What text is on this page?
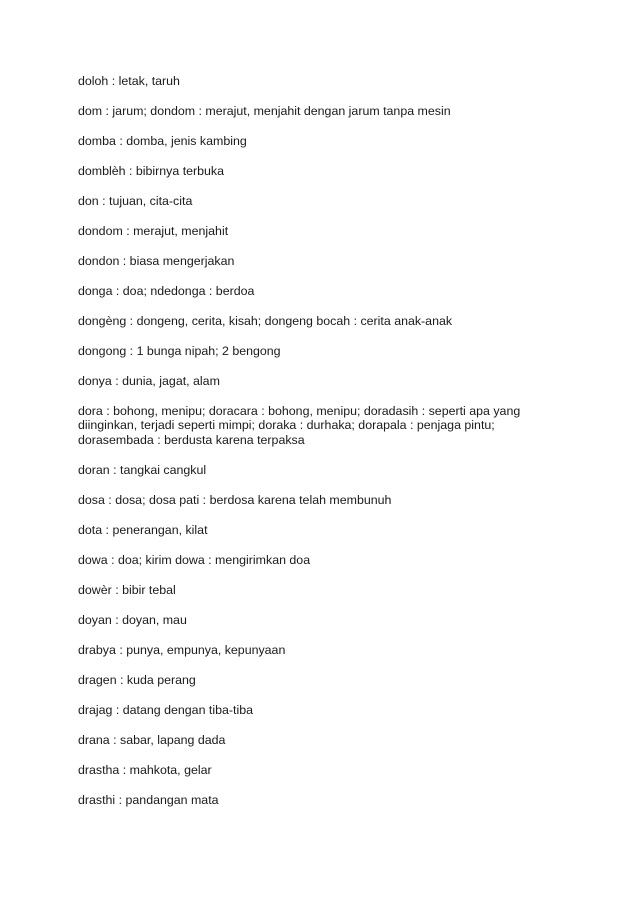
doloh : letak, taruh
dom : jarum; dondom : merajut, menjahit dengan jarum tanpa mesin
domba : domba, jenis kambing
domblèh : bibirnya terbuka
don : tujuan, cita-cita
dondom : merajut, menjahit
dondon : biasa mengerjakan
donga : doa; ndedonga : berdoa
dongèng : dongeng, cerita, kisah; dongeng bocah : cerita anak-anak
dongong : 1 bunga nipah; 2 bengong
donya : dunia, jagat, alam
dora : bohong, menipu; doracara : bohong, menipu; doradasih : seperti apa yang
diinginkan, terjadi seperti mimpi; doraka : durhaka; dorapala : penjaga pintu;
dorasembada : berdusta karena terpaksa
doran : tangkai cangkul
dosa : dosa; dosa pati : berdosa karena telah membunuh
dota : penerangan, kilat
dowa : doa; kirim dowa : mengirimkan doa
dowèr : bibir tebal
doyan : doyan, mau
drabya : punya, empunya, kepunyaan
dragen : kuda perang
drajag : datang dengan tiba-tiba
drana : sabar, lapang dada
drastha : mahkota, gelar
drasthi : pandangan mata
